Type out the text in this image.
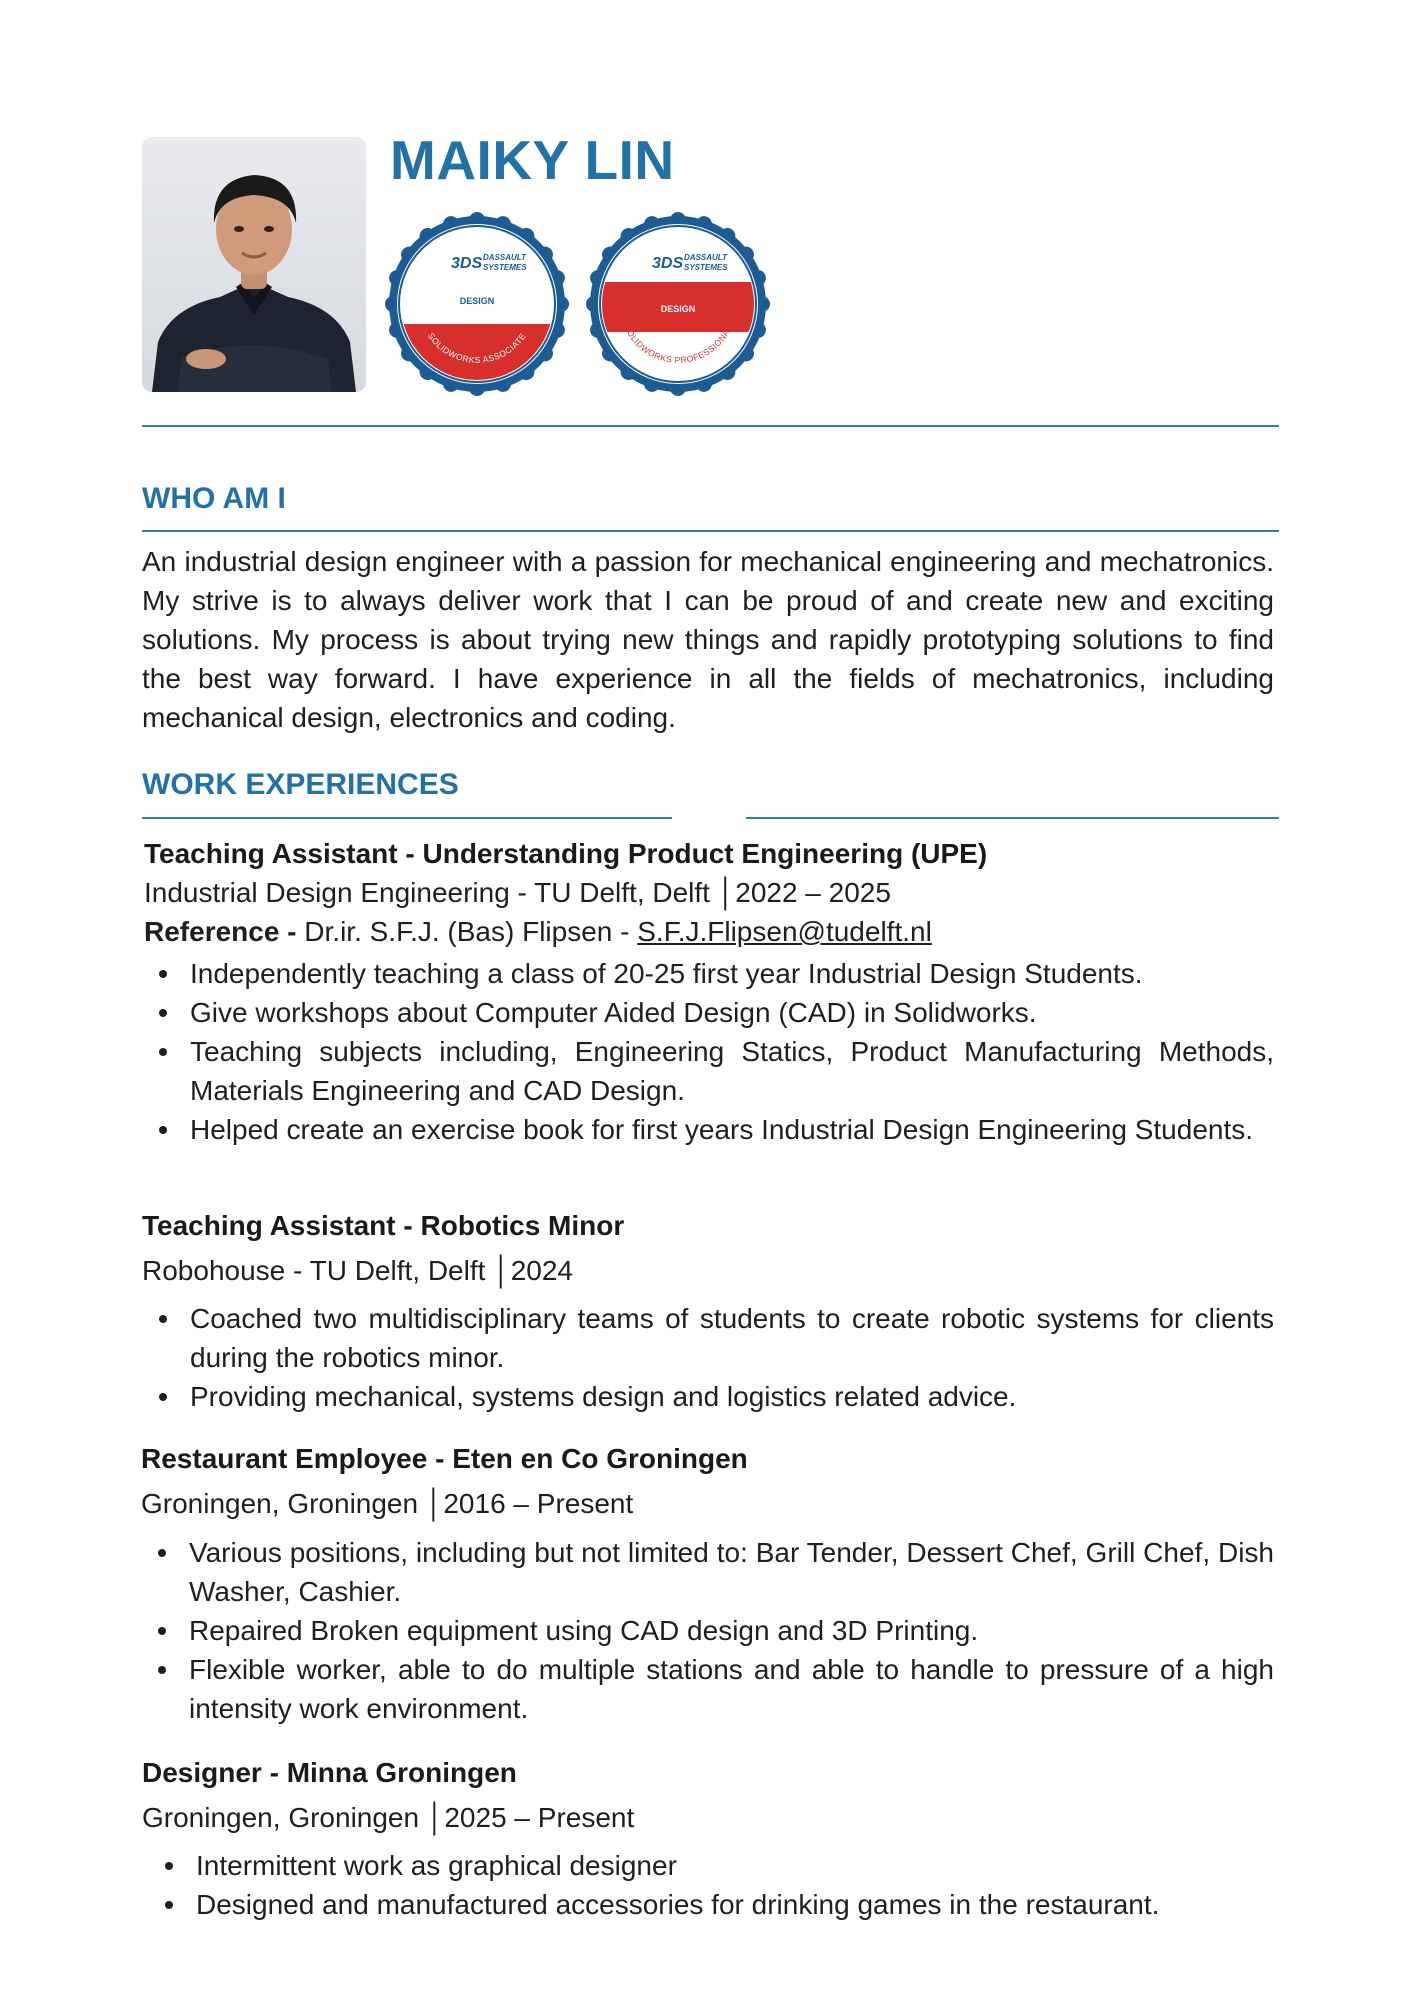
MAIKY LIN
3DS DASSAULT
SYSTEMES
DESIGN
SOLIDWORKS ASSOCIATE
3DS DASSAULT
SYSTEMES
DESIGN
SOLIDWORKS PROFESSIONAL
WHO AM I

An industrial design engineer with a passion for mechanical engineering and mechatronics. My strive is to always deliver work that I can be proud of and create new and exciting solutions. My process is about trying new things and rapidly prototyping solutions to find the best way forward. I have experience in all the fields of mechatronics, including mechanical design, electronics and coding.

WORK EXPERIENCES
Teaching Assistant - Understanding Product Engineering (UPE)
Industrial Design Engineering - TU Delft, Delft │2022 – 2025
Reference - Dr.ir. S.F.J. (Bas) Flipsen - S.F.J.Flipsen@tudelft.nl
Independently teaching a class of 20-25 first year Industrial Design Students.
Give workshops about Computer Aided Design (CAD) in Solidworks.
Teaching subjects including, Engineering Statics, Product Manufacturing Methods, Materials Engineering and CAD Design.
Helped create an exercise book for first years Industrial Design Engineering Students.
Teaching Assistant - Robotics Minor
Robohouse - TU Delft, Delft │2024
Coached two multidisciplinary teams of students to create robotic systems for clients during the robotics minor.
Providing mechanical, systems design and logistics related advice.
Restaurant Employee - Eten en Co Groningen
Groningen, Groningen │2016 – Present
Various positions, including but not limited to: Bar Tender, Dessert Chef, Grill Chef, Dish Washer, Cashier.
Repaired Broken equipment using CAD design and 3D Printing.
Flexible worker, able to do multiple stations and able to handle to pressure of a high intensity work environment.
Designer - Minna Groningen
Groningen, Groningen │2025 – Present
Intermittent work as graphical designer
Designed and manufactured accessories for drinking games in the restaurant.
